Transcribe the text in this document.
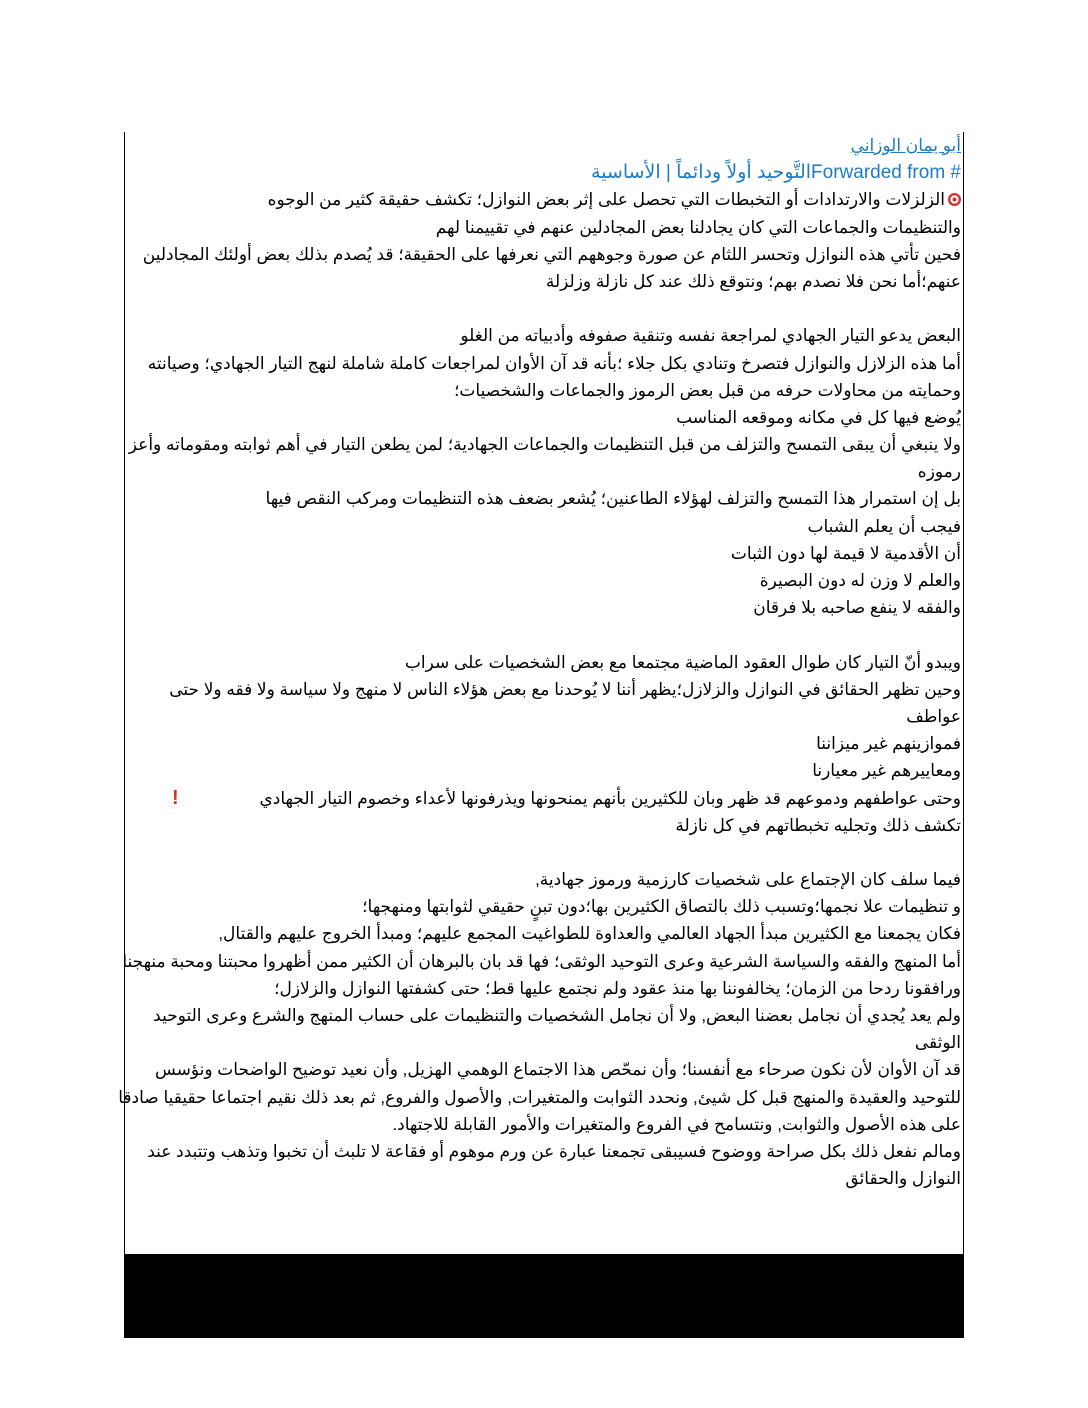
أبو يمان الوزاني
Forwarded from #التَّوحيد أولاً ودائماً | الأساسية
الزلزلات والارتدادات أو التخبطات التي تحصل على إثر بعض النوازل؛ تكشف حقيقة كثير من الوجوه
والتنظيمات والجماعات التي كان يجادلنا بعض المجادلين عنهم في تقييمنا لهم
فحين تأتي هذه النوازل وتحسر اللثام عن صورة وجوههم التي نعرفها على الحقيقة؛ قد يُصدم بذلك بعض أولئك المجادلين
عنهم؛أما نحن فلا نصدم بهم؛ ونتوقع ذلك عند كل نازلة وزلزلة
البعض يدعو التيار الجهادي لمراجعة نفسه وتنقية صفوفه وأدبياته من الغلو
أما هذه الزلازل والنوازل فتصرخ وتنادي بكل جلاء ؛بأنه قد آن الأوان لمراجعات كاملة شاملة لنهج التيار الجهادي؛ وصيانته
وحمايته من محاولات حرفه من قبل بعض الرموز والجماعات والشخصيات؛
يُوضع فيها كل في مكانه وموقعه المناسب
ولا ينبغي أن يبقى التمسح والتزلف من قبل التنظيمات والجماعات الجهادية؛ لمن يطعن التيار في أهم ثوابته ومقوماته وأعز
رموزه
بل إن استمرار هذا التمسح والتزلف لهؤلاء الطاعنين؛ يُشعر بضعف هذه التنظيمات ومركب النقص فيها
فيجب أن يعلم الشباب
أن الأقدمية لا قيمة لها دون الثبات
والعلم لا وزن له دون البصيرة
والفقه لا ينفع صاحبه بلا فرقان
ويبدو أنّ التيار كان طوال العقود الماضية مجتمعا مع بعض الشخصيات على سراب
وحين تظهر الحقائق في النوازل والزلازل؛يظهر أننا لا يُوحدنا مع بعض هؤلاء الناس لا منهج ولا سياسة ولا فقه ولا حتى
عواطف
فموازينهم غير ميزاننا
ومعاييرهم غير معيارنا
وحتى عواطفهم ودموعهم قد ظهر وبان للكثيرين بأنهم يمنحونها ويذرفونها لأعداء وخصوم التيار الجهادي
!
تكشف ذلك وتجليه تخبطاتهم في كل نازلة
فيما سلف كان الإجتماع على شخصيات كارزمية ورموز جهادية,
و تنظيمات علا نجمها؛وتسبب ذلك بالتصاق الكثيرين بها؛دون تبنٍ حقيقي لثوابتها ومنهجها؛
فكان يجمعنا مع الكثيرين مبدأ الجهاد العالمي والعداوة للطواغيت المجمع عليهم؛ ومبدأ الخروج عليهم والقتال,
أما المنهج والفقه والسياسة الشرعية وعرى التوحيد الوثقى؛ فها قد بان بالبرهان أن الكثير ممن أظهروا محبتنا ومحبة منهجنا
ورافقونا ردحا من الزمان؛ يخالفوننا بها منذ عقود ولم نجتمع عليها قط؛ حتى كشفتها النوازل والزلازل؛
ولم يعد يُجدي أن نجامل بعضنا البعض, ولا أن نجامل الشخصيات والتنظيمات على حساب المنهج والشرع وعرى التوحيد
الوثقى
قد آن الأوان لأن نكون صرحاء مع أنفسنا؛ وأن نمحّص هذا الاجتماع الوهمي الهزيل, وأن نعيد توضيح الواضحات ونؤسس
للتوحيد والعقيدة والمنهج قبل كل شيئ, ونحدد الثوابت والمتغيرات, والأصول والفروع, ثم بعد ذلك نقيم اجتماعا حقيقيا صادقا
على هذه الأصول والثوابت, ونتسامح في الفروع والمتغيرات والأمور القابلة للاجتهاد.
ومالم نفعل ذلك بكل صراحة ووضوح فسيبقى تجمعنا عبارة عن ورم موهوم أو فقاعة لا تلبث أن تخبوا وتذهب وتتبدد عند
النوازل والحقائق
